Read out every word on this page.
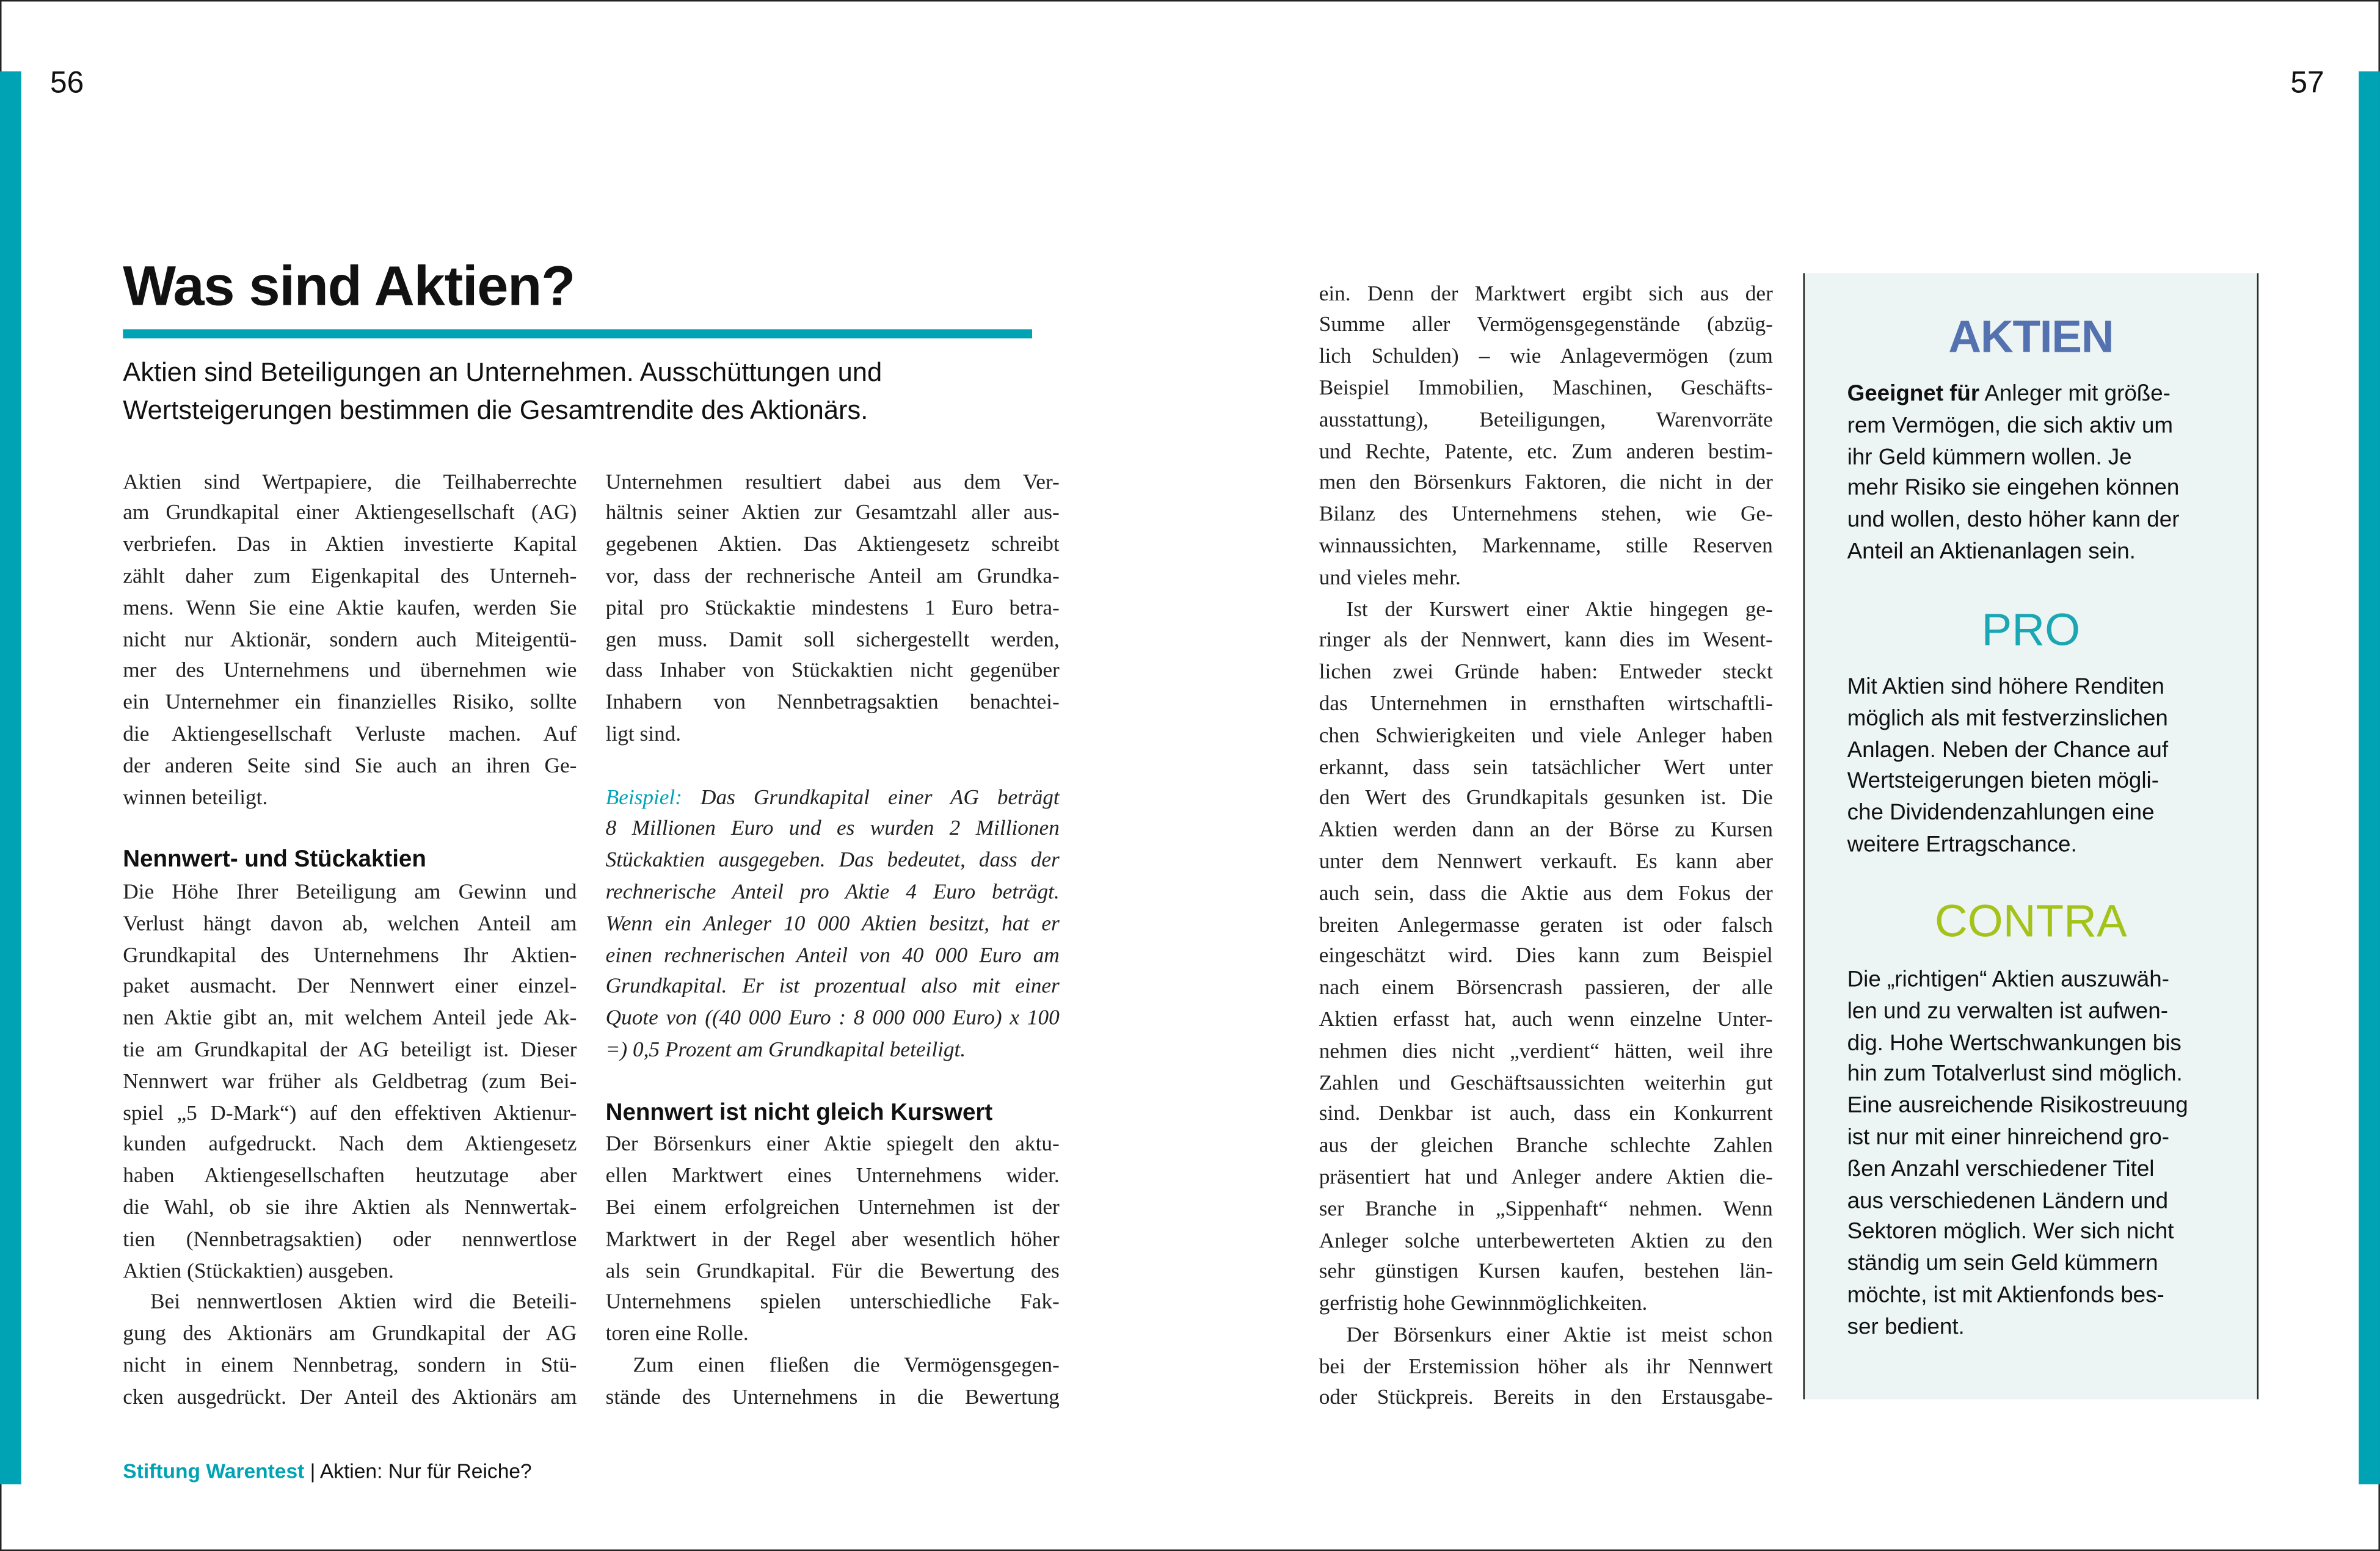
56	57
Was sind Aktien?
Aktien sind Beteiligungen an Unternehmen. Ausschüttungen und
Wertsteigerungen bestimmen die Gesamtrendite des Aktionärs.
Aktien sind Wertpapiere, die Teilhaberrechte
am Grundkapital einer Aktiengesellschaft (AG)
verbriefen. Das in Aktien investierte Kapital
zählt daher zum Eigenkapital des Unterneh-
mens. Wenn Sie eine Aktie kaufen, werden Sie
nicht nur Aktionär, sondern auch Miteigentü-
mer des Unternehmens und übernehmen wie
ein Unternehmer ein finanzielles Risiko, sollte
die Aktiengesellschaft Verluste machen. Auf
der anderen Seite sind Sie auch an ihren Ge-
winnen beteiligt.
Nennwert- und Stückaktien
Die Höhe Ihrer Beteiligung am Gewinn und
Verlust hängt davon ab, welchen Anteil am
Grundkapital des Unternehmens Ihr Aktien-
paket ausmacht. Der Nennwert einer einzel-
nen Aktie gibt an, mit welchem Anteil jede Ak-
tie am Grundkapital der AG beteiligt ist. Dieser
Nennwert war früher als Geldbetrag (zum Bei-
spiel „5 D-Mark“) auf den effektiven Aktienur-
kunden aufgedruckt. Nach dem Aktiengesetz
haben Aktiengesellschaften heutzutage aber
die Wahl, ob sie ihre Aktien als Nennwertak-
tien (Nennbetragsaktien) oder nennwertlose
Aktien (Stückaktien) ausgeben.
Bei nennwertlosen Aktien wird die Beteili-
gung des Aktionärs am Grundkapital der AG
nicht in einem Nennbetrag, sondern in Stü-
cken ausgedrückt. Der Anteil des Aktionärs am
Unternehmen resultiert dabei aus dem Ver-
hältnis seiner Aktien zur Gesamtzahl aller aus-
gegebenen Aktien. Das Aktiengesetz schreibt
vor, dass der rechnerische Anteil am Grundka-
pital pro Stückaktie mindestens 1 Euro betra-
gen muss. Damit soll sichergestellt werden,
dass Inhaber von Stückaktien nicht gegenüber
Inhabern von Nennbetragsaktien benachtei-
ligt sind.
Beispiel: Das Grundkapital einer AG beträgt
8 Millionen Euro und es wurden 2 Millionen
Stückaktien ausgegeben. Das bedeutet, dass der
rechnerische Anteil pro Aktie 4 Euro beträgt.
Wenn ein Anleger 10 000 Aktien besitzt, hat er
einen rechnerischen Anteil von 40 000 Euro am
Grundkapital. Er ist prozentual also mit einer
Quote von ((40 000 Euro : 8 000 000 Euro) x 100
=) 0,5 Prozent am Grundkapital beteiligt.
Nennwert ist nicht gleich Kurswert
Der Börsenkurs einer Aktie spiegelt den aktu-
ellen Marktwert eines Unternehmens wider.
Bei einem erfolgreichen Unternehmen ist der
Marktwert in der Regel aber wesentlich höher
als sein Grundkapital. Für die Bewertung des
Unternehmens spielen unterschiedliche Fak-
toren eine Rolle.
Zum einen fließen die Vermögensgegen-
stände des Unternehmens in die Bewertung
ein. Denn der Marktwert ergibt sich aus der
Summe aller Vermögensgegenstände (abzüg-
lich Schulden) – wie Anlagevermögen (zum
Beispiel Immobilien, Maschinen, Geschäfts-
ausstattung), Beteiligungen, Warenvorräte
und Rechte, Patente, etc. Zum anderen bestim-
men den Börsenkurs Faktoren, die nicht in der
Bilanz des Unternehmens stehen, wie Ge-
winnaussichten, Markenname, stille Reserven
und vieles mehr.
Ist der Kurswert einer Aktie hingegen ge-
ringer als der Nennwert, kann dies im Wesent-
lichen zwei Gründe haben: Entweder steckt
das Unternehmen in ernsthaften wirtschaftli-
chen Schwierigkeiten und viele Anleger haben
erkannt, dass sein tatsächlicher Wert unter
den Wert des Grundkapitals gesunken ist. Die
Aktien werden dann an der Börse zu Kursen
unter dem Nennwert verkauft. Es kann aber
auch sein, dass die Aktie aus dem Fokus der
breiten Anlegermasse geraten ist oder falsch
eingeschätzt wird. Dies kann zum Beispiel
nach einem Börsencrash passieren, der alle
Aktien erfasst hat, auch wenn einzelne Unter-
nehmen dies nicht „verdient“ hätten, weil ihre
Zahlen und Geschäftsaussichten weiterhin gut
sind. Denkbar ist auch, dass ein Konkurrent
aus der gleichen Branche schlechte Zahlen
präsentiert hat und Anleger andere Aktien die-
ser Branche in „Sippenhaft“ nehmen. Wenn
Anleger solche unterbewerteten Aktien zu den
sehr günstigen Kursen kaufen, bestehen län-
gerfristig hohe Gewinnmöglichkeiten.
Der Börsenkurs einer Aktie ist meist schon
bei der Erstemission höher als ihr Nennwert
oder Stückpreis. Bereits in den Erstausgabe-
AKTIEN
Geeignet für Anleger mit größe-
rem Vermögen, die sich aktiv um
ihr Geld kümmern wollen. Je
mehr Risiko sie eingehen können
und wollen, desto höher kann der
Anteil an Aktienanlagen sein.
PRO
Mit Aktien sind höhere Renditen
möglich als mit festverzinslichen
Anlagen. Neben der Chance auf
Wertsteigerungen bieten mögli-
che Dividendenzahlungen eine
weitere Ertragschance.
CONTRA
Die „richtigen“ Aktien auszuwäh-
len und zu verwalten ist aufwen-
dig. Hohe Wertschwankungen bis
hin zum Totalverlust sind möglich.
Eine ausreichende Risikostreuung
ist nur mit einer hinreichend gro-
ßen Anzahl verschiedener Titel
aus verschiedenen Ländern und
Sektoren möglich. Wer sich nicht
ständig um sein Geld kümmern
möchte, ist mit Aktienfonds bes-
ser bedient.
Stiftung Warentest | Aktien: Nur für Reiche?
